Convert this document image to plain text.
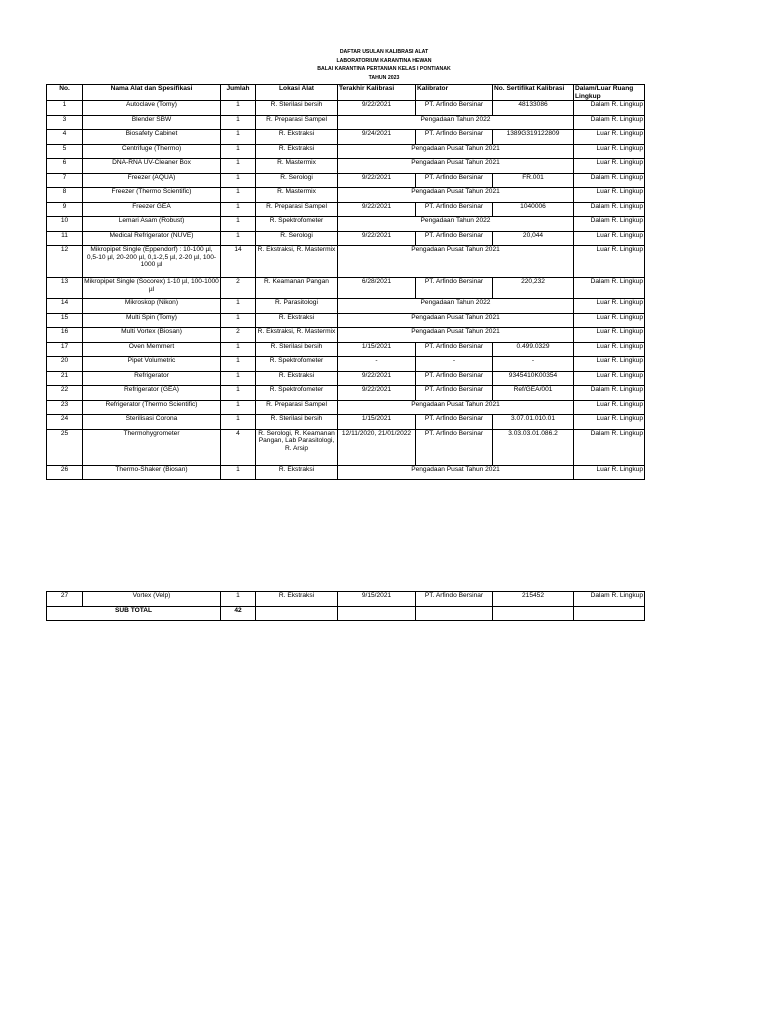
DAFTAR USULAN KALIBRASI ALAT
LABORATORIUM KARANTINA HEWAN
BALAI KARANTINA PERTANIAN KELAS I PONTIANAK
TAHUN 2023
No.	Nama Alat dan Spesifikasi	Jumlah	Lokasi Alat	Terakhir Kalibrasi	Kalibrator	No. Sertifikat Kalibrasi	Dalam/Luar Ruang Lingkup
1	Autoclave (Tomy)	1	R. Sterilasi bersih	9/22/2021	PT. Arfindo Bersinar	48133086	Dalam R. Lingkup
3	Blender SBW	1	R. Preparasi Sampel	Pengadaan Tahun 2022			Dalam R. Lingkup
4	Biosafety Cabinet	1	R. Ekstraksi	9/24/2021	PT. Arfindo Bersinar	1389G319122809	Luar R. Lingkup
5	Centrifuge (Thermo)	1	R. Ekstraksi	Pengadaan Pusat Tahun 2021			Luar R. Lingkup
6	DNA-RNA UV-Cleaner Box	1	R. Mastermix	Pengadaan Pusat Tahun 2021			Luar R. Lingkup
7	Freezer (AQUA)	1	R. Serologi	9/22/2021	PT. Arfindo Bersinar	FR.001	Dalam R. Lingkup
8	Freezer (Thermo Scientific)	1	R. Mastermix	Pengadaan Pusat Tahun 2021			Luar R. Lingkup
9	Freezer GEA	1	R. Preparasi Sampel	9/22/2021	PT. Arfindo Bersinar	1040006	Dalam R. Lingkup
10	Lemari Asam (Robust)	1	R. Spektrofometer	Pengadaan Tahun 2022			Dalam R. Lingkup
11	Medical Refrigerator (NUVE)	1	R. Serologi	9/22/2021	PT. Arfindo Bersinar	20,044	Luar R. Lingkup
12	Mikropipet Single (Eppendorf) : 10-100 µl, 0,5-10 µl, 20-200 µl, 0,1-2,5 µl, 2-20 µl, 100-1000 µl	14	R. Ekstraksi, R. Mastermix	Pengadaan Pusat Tahun 2021			Luar R. Lingkup
13	Mikropipet Single (Socorex) 1-10 µl, 100-1000 µl	2	R. Keamanan Pangan	6/28/2021	PT. Arfindo Bersinar	220,232	Dalam R. Lingkup
14	Mikroskop (Nikon)	1	R. Parasitologi	Pengadaan Tahun 2022			Luar R. Lingkup
15	Multi Spin (Tomy)	1	R. Ekstraksi	Pengadaan Pusat Tahun 2021			Luar R. Lingkup
16	Multi Vortex (Biosan)	2	R. Ekstraksi, R. Mastermix	Pengadaan Pusat Tahun 2021			Luar R. Lingkup
17	Oven Memmert	1	R. Sterilasi bersih	1/15/2021	PT. Arfindo Bersinar	0.499.0329	Luar R. Lingkup
20	Pipet Volumetric	1	R. Spektrofometer	-	-	-	Luar R. Lingkup
21	Refrigerator	1	R. Ekstraksi	9/22/2021	PT. Arfindo Bersinar	9345410K00354	Luar R. Lingkup
22	Refrigerator (GEA)	1	R. Spektrofometer	9/22/2021	PT. Arfindo Bersinar	Ref/GEA/001	Dalam R. Lingkup
23	Refrigerator (Thermo Scientific)	1	R. Preparasi Sampel	Pengadaan Pusat Tahun 2021			Luar R. Lingkup
24	Sterilisasi Corona	1	R. Sterilasi bersih	1/15/2021	PT. Arfindo Bersinar	3.07.01.010.01	Luar R. Lingkup
25	Thermohygrometer	4	R. Serologi, R. Keamanan Pangan, Lab Parasitologi, R. Arsip	12/11/2020, 21/01/2022	PT. Arfindo Bersinar	3.03.03.01.086.2	Dalam R. Lingkup
26	Thermo-Shaker (Biosan)	1	R. Ekstraksi	Pengadaan Pusat Tahun 2021			Luar R. Lingkup
27	Vortex (Velp)	1	R. Ekstraksi	9/15/2021	PT. Arfindo Bersinar	215452	Dalam R. Lingkup
SUB TOTAL		42					
